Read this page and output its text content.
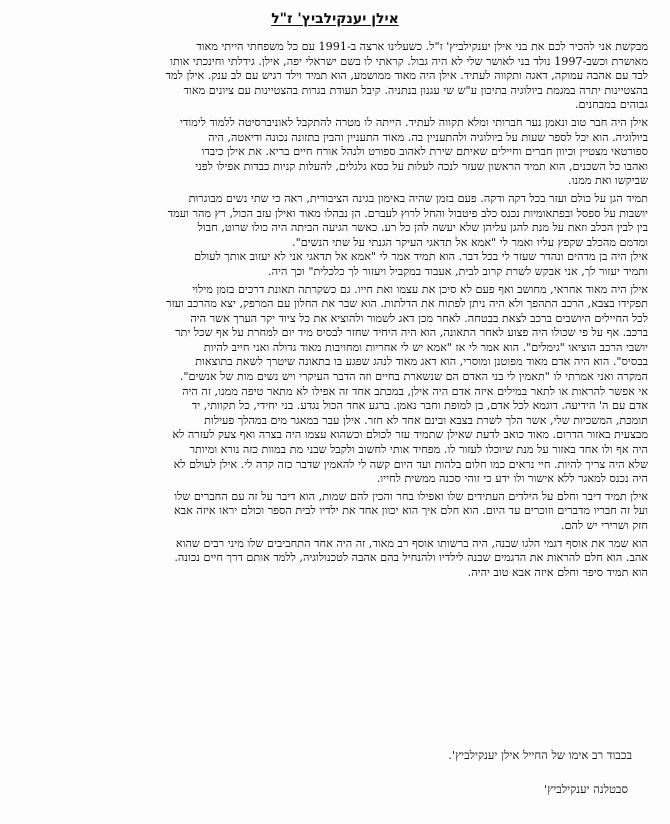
אילן יענקילביץ' ז"ל
מבקשת אני להכיר לכם את בני אילן יענקילביץ' ז"ל. כשעלינו ארצה ב-1991 עם כל משפחתי הייתי מאוד
מאושרת וכשב-1997 נולד בני לאושר שלי לא היה גבול. קראתי לו בשם ישראלי יפה, אילן. גידלתי וחינכתי אותו
לבד עם אהבה עמוקה, דאגה ותקווה לעתיד. אילן היה מאוד ממושמע, הוא תמיד וילד רגיש עם לב ענק. אילן למד
בהצטיינות יתרה במגמת ביולוגיה בתיכון ע"ש שי עגנון בנתניה. קיבל תעודת בגרות בהצטיינות עם ציונים מאוד
גבוהים במבחנים.
אילן היה חבר טוב ונאמן נער חברותי ומלא תקווה לעתיד. הייתה לו מטרה להתקבל לאוניברסיטה ללמוד לימודי
ביולוגיה. הוא יכל לספר שעות על ביולוגיה ולהתעניין בה. מאוד התעניין והבין בתזונה נכונה ודיאטה, היה
ספורטאי מצטיין וכיוון חברים וחיילים שאיתם שירת לאהוב ספורט ולנהל אורח חיים בריא. את אילן כיבדו
ואהבו כל השכנים, הוא תמיד הראשון שעזר לנכה לעלות על כסא גלגלים, להעלות קניות כבדות אפילו לפני
שביקשו ואת ממנו.
תמיד הגן על כולם ועזר בכל דקה ודקה. פעם בזמן שהיה באימון בגינה הציבורית, ראה כי שתי נשים מבוגרות
יושבות על ספסל ובפתאומיות נכנס כלב פיטבול והחל לרוץ לעברם. הן נבהלו מאוד ואילן עזב הכול, רץ מהר ועמד
בין לבין הכלב וזאת על מנת להגן עליהן שלא יעשה להן כל רע. כאשר הגיעה הביתה היה כולו שרוט, חבול
ומדמם מהכלב שקפץ עליו ואמר לי "אמא אל תדאגי העיקר הגנתי על שתי הנשים".
אילן היה בן מדהים ונהדר שעזר לי בכל דבר. הוא תמיד אמר לי "אמא אל תדאגי אני לא יעזוב אותך לעולם
ותמיד יעזור לך, אני אבקש לשרת קרוב לבית, אעבוד במקביל ויעזור לך כלכלית" וכך היה.
אילן היה מאוד אחראי, מחושב ואף פעם לא סיכן את עצמו ואת חייו. גם כשקרתה תאונת דרכים בזמן מילוי
תפקידו בצבא, הרכב התהפך ולא היה ניתן לפתוח את הדלתות. הוא שבר את החלון עם המרפק, יצא מהרכב ועזר
לכל החיילים היושבים ברכב לצאת בבטחה. לאחר מכן דאג לשמור ולהוציא את כל ציוד יקר הערך אשר היה
ברכב. אף על פי שכולו היה פצוע לאחר התאונה, הוא היה היחיד שחזר לבסיס מיד יום למחרת על אף שכל יתר
יושבי הרכב הוציאו "גימלים". הוא אמר לי אז "אמא יש לי אחריות ומחויבות מאוד גדולה ואני חייב להיות
בבסיס". הוא היה אדם מאוד מפוטנן ומוסרי, הוא דאג מאוד לנהג שפגע בו בתאונה שיטרך לשאת בתוצאות
המקרה ואני אמרתי לו "תאמין לי בני האדם הם שנשארת בחיים וזה הדבר העיקרי ויש נשים מות של אנשים".
אי אפשר להראות או לתאר במילים איזה אדם היה אילן, במכתב אחד זה אפילו לא מתאר טיפה ממנו, זה היה
אדם עם ה' הידיעה. דוגמא לכל אדם, בן למופת וחבר נאמן. ברגע אחד הכול נגדע. בני יחידי, כל תקוותי, יד
תומכת, המשכיות שלי, אשר הלך לשרת בצבא ובינם אחד לא חזר. אילן עבר במאגר מים במהלך פעילות
מבצעית באזור הדרום. מאוד כואב לדעת שאילן שתמיד עזר לכולם וכשהוא עצמו היה בצרה ואף צעק לעזרה לא
היה אף ולו אחד באזור על מנת שיוכלו לעזור לו. מפחיד אותי לחשוב ולקבל שבני מת במוות כזה נורא ומיותר
שלא היה צריך להיות. חיי נראים כמו חלום בלהות ועד היום קשה לי להאמין שדבר כזה קרה לי. אילן לעולם לא
היה נכנס למאגר ללא אישור ולו ידע כי זוהי סכנה ממשית לחייו.
אילן תמיד דיבר וחלם על הילדים העתידים שלו ואפילו בחר והכין להם שמות, הוא דיבר על זה עם החברים שלו
ועל זה חבריו מדברים וזוכרים עד היום. הוא חלם איך הוא יכוון אחד את ילדיו לבית הספר וכולם יראו איזה אבא
חזק ושרירי יש להם.
הוא שמר את אוסף דגמי הלגו שבנה, היה ברשותו אוסף רב מאוד, זה היה אחד התחביבים שלו מיני רבים שהוא
אהב. הוא חלם להראות את הדגמים שבנה לילדיו ולהנחיל בהם אהבה לטכנולוגיה, ללמד אותם דרך חיים נכונה.
הוא תמיד סיפר וחלם איזה אבא טוב יהיה.
בכבוד רב אימו של החייל אילן יענקילביץ'.
סבטלנה יענקילביץ'
